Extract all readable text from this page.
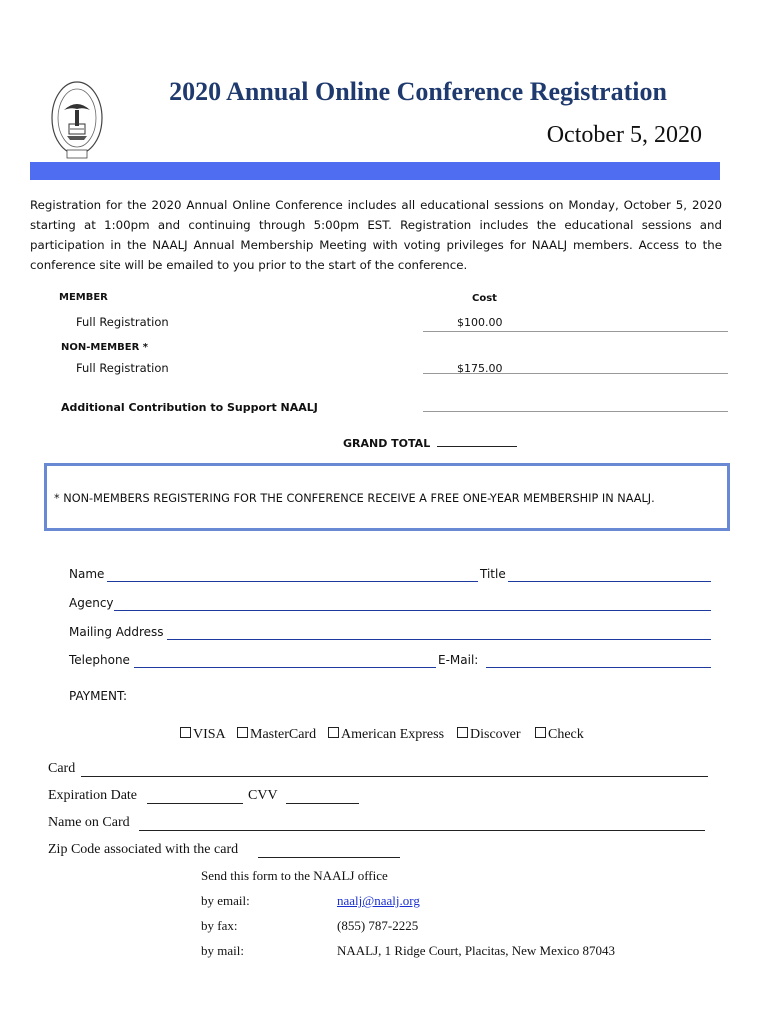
2020 Annual Online Conference Registration
October 5, 2020
Registration for the 2020 Annual Online Conference includes all educational sessions on Monday, October 5, 2020 starting at 1:00pm and continuing through 5:00pm EST. Registration includes the educational sessions and participation in the NAALJ Annual Membership Meeting with voting privileges for NAALJ members. Access to the conference site will be emailed to you prior to the start of the conference.
MEMBER	Cost
Full Registration	$100.00
NON-MEMBER *
Full Registration	$175.00
Additional Contribution to Support NAALJ
GRAND TOTAL
* NON-MEMBERS REGISTERING FOR THE CONFERENCE RECEIVE A FREE ONE-YEAR MEMBERSHIP IN NAALJ.
Name	Title
Agency
Mailing Address
Telephone	E-Mail:
PAYMENT:
VISA	MasterCard	American Express	Discover	Check
Card
Expiration Date	CVV
Name on Card
Zip Code associated with the card
Send this form to the NAALJ office
by email:	naalj@naalj.org
by fax:	(855) 787-2225
by mail:	NAALJ, 1 Ridge Court, Placitas, New Mexico 87043
